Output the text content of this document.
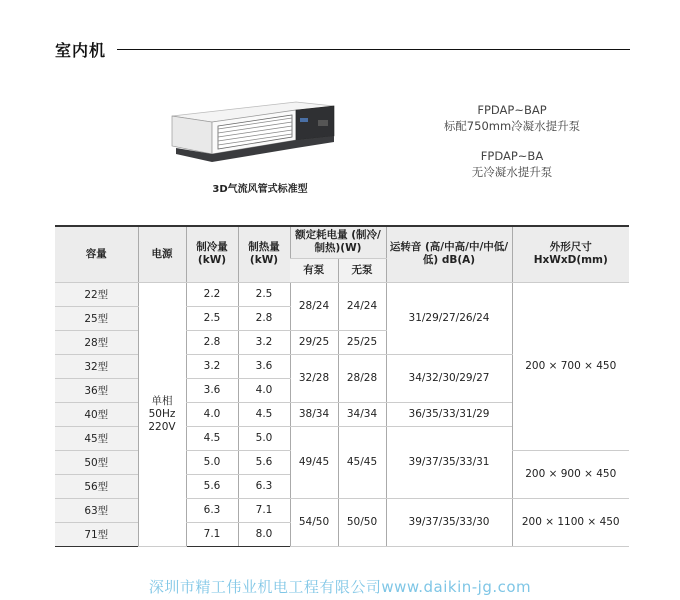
室内机
3D气流风管式标准型
FPDAP~BAP
标配750mm冷凝水提升泵
FPDAP~BA
无冷凝水提升泵
容量	电源	制冷量 (kW)	制热量 (kW)	额定耗电量 (制冷/制热)(W)		运转音 (高/中高/中/中低/低) dB(A)	外形尺寸 HxWxD(mm)
				有泵	无泵		
22型	单相 50Hz 220V	2.2	2.5	28/24	24/24	31/29/27/26/24	200 × 700 × 450
25型		2.5	2.8				
28型		2.8	3.2	29/25	25/25		
32型		3.2	3.6	32/28	28/28	34/32/30/29/27	
36型		3.6	4.0				
40型		4.0	4.5	38/34	34/34	36/35/33/31/29	
45型		4.5	5.0	49/45	45/45	39/37/35/33/31	
50型		5.0	5.6				200 × 900 × 450
56型		5.6	6.3				
63型		6.3	7.1	54/50	50/50	39/37/35/33/30	200 × 1100 × 450
71型		7.1	8.0				
深圳市精工伟业机电工程有限公司www.daikin-jg.com
